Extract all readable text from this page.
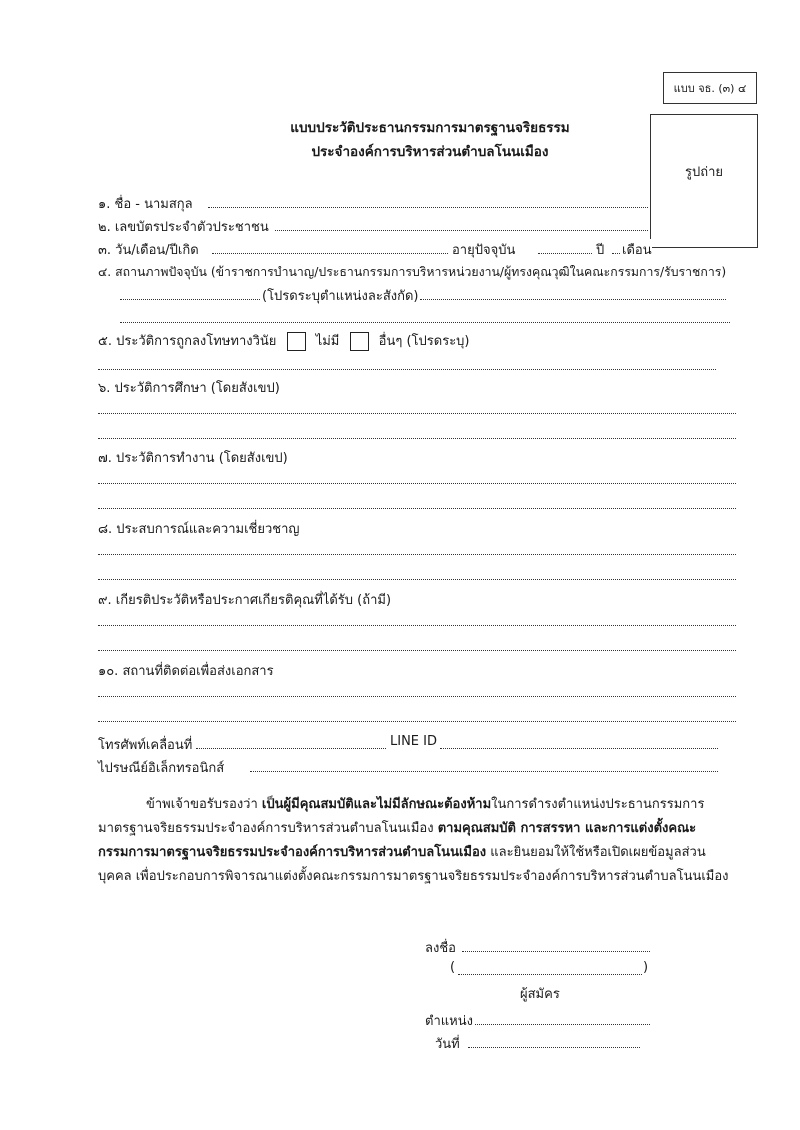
แบบ จธ. (๓) ๔
รูปถ่าย
แบบประวัติประธานกรรมการมาตรฐานจริยธรรม
ประจำองค์การบริหารส่วนตำบลโนนเมือง
๑. ชื่อ - นามสกุล
๒. เลขบัตรประจำตัวประชาชน
๓. วัน/เดือน/ปีเกิด	อายุปัจจุบัน	ปี เดือน
๔. สถานภาพปัจจุบัน (ข้าราชการบำนาญ/ประธานกรรมการบริหารหน่วยงาน/ผู้ทรงคุณวุฒิในคณะกรรมการ/รับราชการ)
(โปรดระบุตำแหน่งละสังกัด)
๕. ประวัติการถูกลงโทษทางวินัย	ไม่มี	อื่นๆ (โปรดระบุ)
๖. ประวัติการศึกษา (โดยสังเขป)
๗. ประวัติการทำงาน (โดยสังเขป)
๘. ประสบการณ์และความเชี่ยวชาญ
๙. เกียรติประวัติหรือประกาศเกียรติคุณที่ได้รับ (ถ้ามี)
๑๐. สถานที่ติดต่อเพื่อส่งเอกสาร
โทรศัพท์เคลื่อนที่	LINE ID
ไปรษณีย์อิเล็กทรอนิกส์
ข้าพเจ้าขอรับรองว่า เป็นผู้มีคุณสมบัติและไม่มีลักษณะต้องห้ามในการดำรงตำแหน่งประธานกรรมการมาตรฐานจริยธรรมประจำองค์การบริหารส่วนตำบลโนนเมือง ตามคุณสมบัติ การสรรหา และการแต่งตั้งคณะกรรมการมาตรฐานจริยธรรมประจำองค์การบริหารส่วนตำบลโนนเมือง และยินยอมให้ใช้หรือเปิดเผยข้อมูลส่วนบุคคล เพื่อประกอบการพิจารณาแต่งตั้งคณะกรรมการมาตรฐานจริยธรรมประจำองค์การบริหารส่วนตำบลโนนเมือง
ลงชื่อ
(	)
ผู้สมัคร
ตำแหน่ง
วันที่
